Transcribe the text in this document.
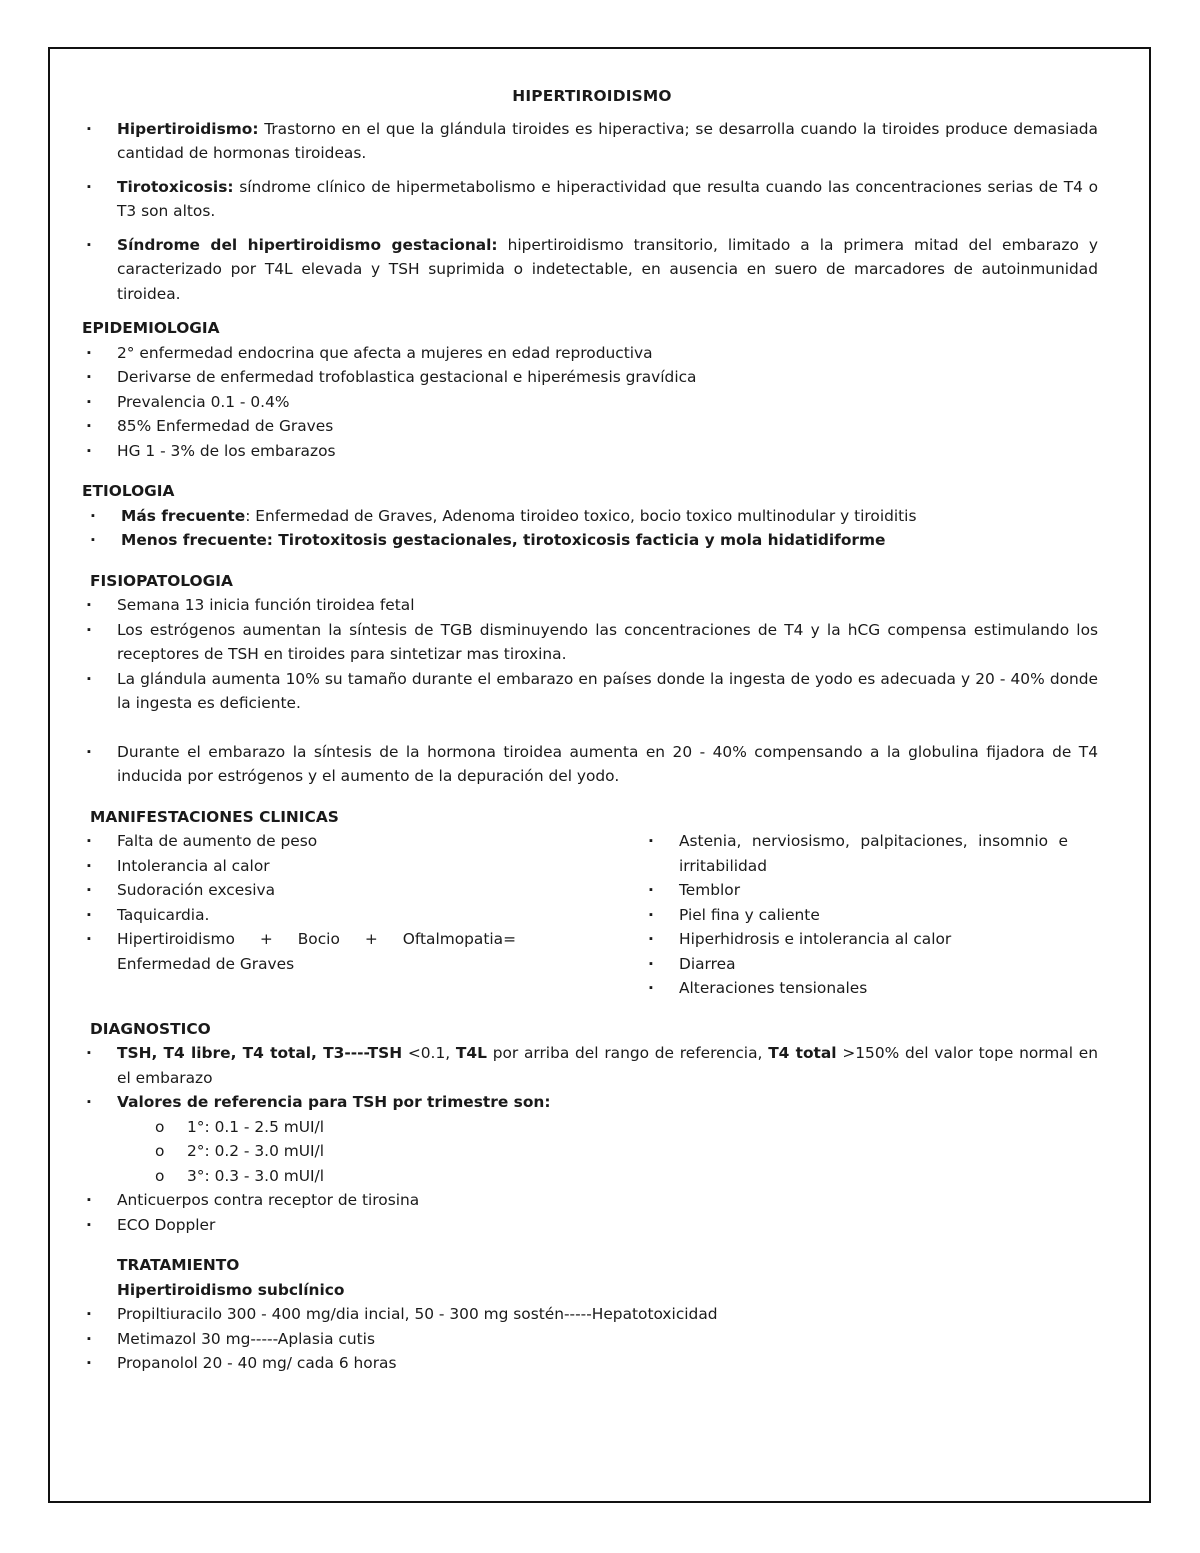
HIPERTIROIDISMO
· Hipertiroidismo: Trastorno en el que la glándula tiroides es hiperactiva; se desarrolla cuando la tiroides produce demasiada cantidad de hormonas tiroideas.
· Tirotoxicosis: síndrome clínico de hipermetabolismo e hiperactividad que resulta cuando las concentraciones serias de T4 o T3 son altos.
· Síndrome del hipertiroidismo gestacional: hipertiroidismo transitorio, limitado a la primera mitad del embarazo y caracterizado por T4L elevada y TSH suprimida o indetectable, en ausencia en suero de marcadores de autoinmunidad tiroidea.
EPIDEMIOLOGIA
· 2° enfermedad endocrina que afecta a mujeres en edad reproductiva
· Derivarse de enfermedad trofoblastica gestacional e hiperémesis gravídica
· Prevalencia 0.1 - 0.4%
· 85% Enfermedad de Graves
· HG 1 - 3% de los embarazos
ETIOLOGIA
· Más frecuente: Enfermedad de Graves, Adenoma tiroideo toxico, bocio toxico multinodular y tiroiditis
· Menos frecuente: Tirotoxitosis gestacionales, tirotoxicosis facticia y mola hidatidiforme
FISIOPATOLOGIA
· Semana 13 inicia función tiroidea fetal
· Los estrógenos aumentan la síntesis de TGB disminuyendo las concentraciones de T4 y la hCG compensa estimulando los receptores de TSH en tiroides para sintetizar mas tiroxina.
· La glándula aumenta 10% su tamaño durante el embarazo en países donde la ingesta de yodo es adecuada y 20 - 40% donde la ingesta es deficiente.
· Durante el embarazo la síntesis de la hormona tiroidea aumenta en 20 - 40% compensando a la globulina fijadora de T4 inducida por estrógenos y el aumento de la depuración del yodo.
MANIFESTACIONES CLINICAS
· Falta de aumento de peso
· Intolerancia al calor
· Sudoración excesiva
· Taquicardia.
· Hipertiroidismo + Bocio + Oftalmopatia= Enfermedad de Graves
· Astenia, nerviosismo, palpitaciones, insomnio e irritabilidad
· Temblor
· Piel fina y caliente
· Hiperhidrosis e intolerancia al calor
· Diarrea
· Alteraciones tensionales
DIAGNOSTICO
· TSH, T4 libre, T4 total, T3----TSH <0.1, T4L por arriba del rango de referencia, T4 total >150% del valor tope normal en el embarazo
· Valores de referencia para TSH por trimestre son:
o 1°: 0.1 - 2.5 mUI/l
o 2°: 0.2 - 3.0 mUI/l
o 3°: 0.3 - 3.0 mUI/l
· Anticuerpos contra receptor de tirosina
· ECO Doppler
TRATAMIENTO
Hipertiroidismo subclínico
· Propiltiuracilo 300 - 400 mg/dia incial, 50 - 300 mg sostén-----Hepatotoxicidad
· Metimazol 30 mg-----Aplasia cutis
· Propanolol 20 - 40 mg/ cada 6 horas
